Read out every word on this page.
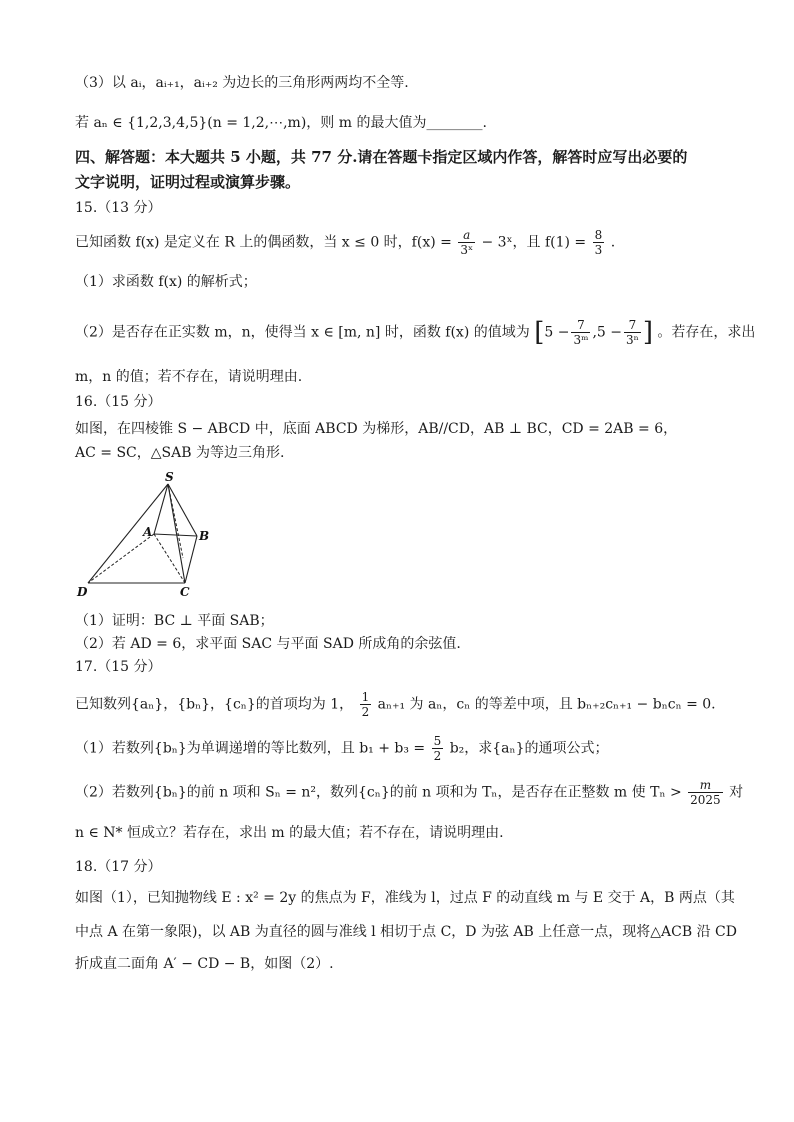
（3）以 aᵢ，aᵢ₊₁，aᵢ₊₂ 为边长的三角形两两均不全等.
若 aₙ ∈ {1,2,3,4,5}(n = 1,2,⋯,m)，则 m 的最大值为________.
四、解答题：本大题共 5 小题，共 77 分.请在答题卡指定区域内作答，解答时应写出必要的
文字说明，证明过程或演算步骤。
15.（13 分）
已知函数 f(x) 是定义在 R 上的偶函数，当 x ≤ 0 时，$f(x) = \frac{a}{\text{3ˣ}}$ − 3ˣ，且 $f(1) = \frac{8}{3}$ .
（1）求函数 f(x) 的解析式；
（2）是否存在正实数 m，n，使得当 x ∈ [m, n] 时，函数 f(x) 的值域为 [$5 - \frac{7}{\text{3ᵐ}} ,5 - \frac{7}{\text{3ⁿ}}$ ] 。若存在，求出
m，n 的值；若不存在，请说明理由.
16.（15 分）
如图，在四棱锥 S − ABCD 中，底面 ABCD 为梯形，AB//CD，AB ⊥ BC，CD = 2AB = 6，
AC = SC，△SAB 为等边三角形.
S
A	B
C
D
（1）证明：BC ⊥ 平面 SAB；
（2）若 AD = 6，求平面 SAC 与平面 SAD 所成角的余弦值.
17.（15 分）
已知数列{aₙ}，{bₙ}，{cₙ}的首项均为 1， $\frac{1}{2} a_{n+1}$ 为 aₙ，cₙ 的等差中项，且 bₙ₊₂cₙ₊₁ − bₙcₙ = 0.
（1）若数列{bₙ}为单调递增的等比数列，且 $b_1 + b_3 = \frac{5}{2} b_2$，求{aₙ}的通项公式；
（2）若数列{bₙ}的前 n 项和 Sₙ = n²，数列{cₙ}的前 n 项和为 Tₙ，是否存在正整数 m 使 $T_n > \frac{m}{2025}$ 对
n ∈ N* 恒成立？若存在，求出 m 的最大值；若不存在，请说明理由.
18.（17 分）
如图（1），已知抛物线 E : x² = 2y 的焦点为 F，准线为 l，过点 F 的动直线 m 与 E 交于 A，B 两点（其
中点 A 在第一象限)，以 AB 为直径的圆与准线 l 相切于点 C，D 为弦 AB 上任意一点，现将△ACB 沿 CD
折成直二面角 A′ − CD − B，如图（2）.
